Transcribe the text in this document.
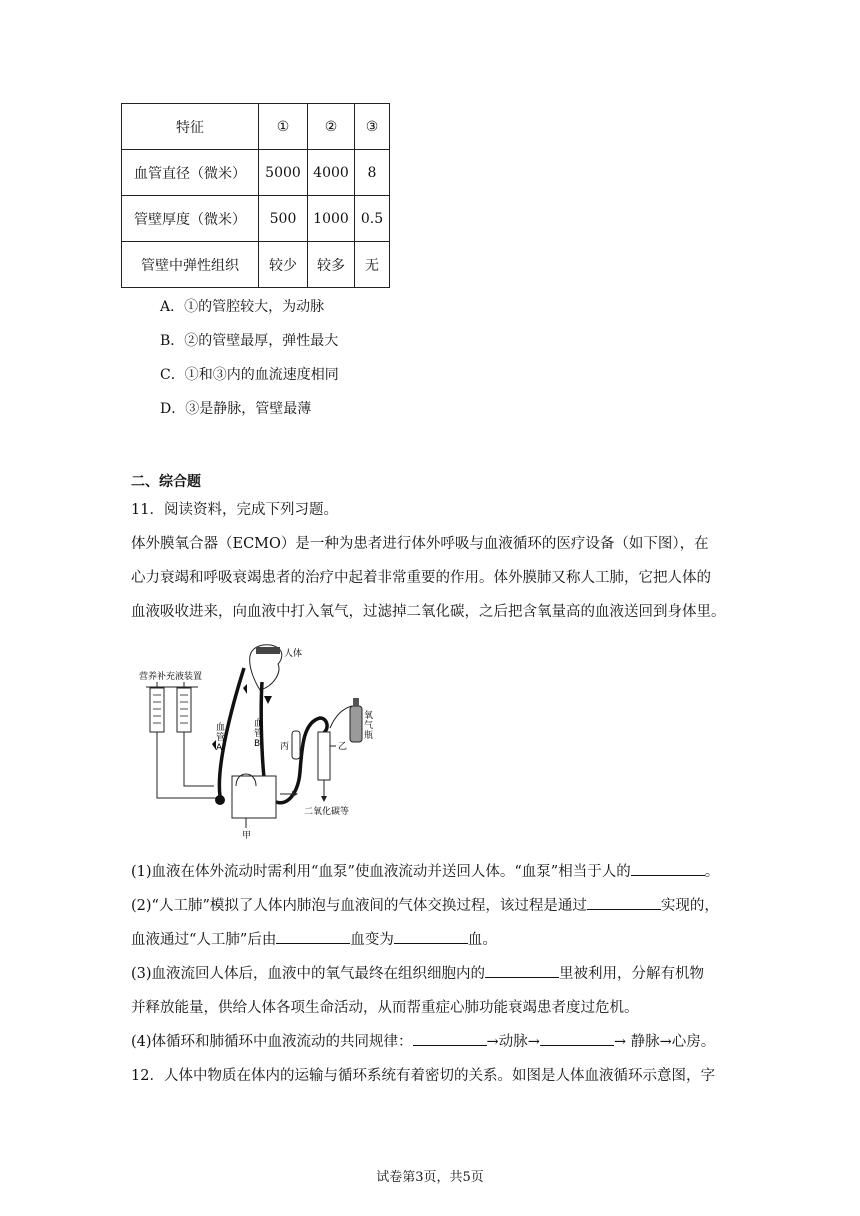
特征	①	②	③
血管直径（微米）	5000	4000	8
管壁厚度（微米）	500	1000	0.5
管壁中弹性组织	较少	较多	无
A．①的管腔较大，为动脉
B．②的管壁最厚，弹性最大
C．①和③内的血流速度相同
D．③是静脉，管壁最薄
二、综合题
11．阅读资料，完成下列习题。
体外膜氧合器（ECMO）是一种为患者进行体外呼吸与血液循环的医疗设备（如下图），在
心力衰竭和呼吸衰竭患者的治疗中起着非常重要的作用。体外膜肺又称人工肺，它把人体的
血液吸收进来，向血液中打入氧气，过滤掉二氧化碳，之后把含氧量高的血液送回到身体里。
营养补充液装置
人体
血
管
A
血
管
B
甲
丙	乙
二氧化碳等
氧
气
瓶
(1)血液在体外流动时需利用“血泵”使血液流动并送回人体。“血泵”相当于人的	。
(2)“人工肺”模拟了人体内肺泡与血液间的气体交换过程，该过程是通过	实现的，
血液通过“人工肺”后由	血变为	血。
(3)血液流回人体后，血液中的氧气最终在组织细胞内的	里被利用，分解有机物
并释放能量，供给人体各项生命活动，从而帮重症心肺功能衰竭患者度过危机。
(4)体循环和肺循环中血液流动的共同规律：	→动脉→	→ 静脉→心房。
12．人体中物质在体内的运输与循环系统有着密切的关系。如图是人体血液循环示意图，字
试卷第3页，共5页
